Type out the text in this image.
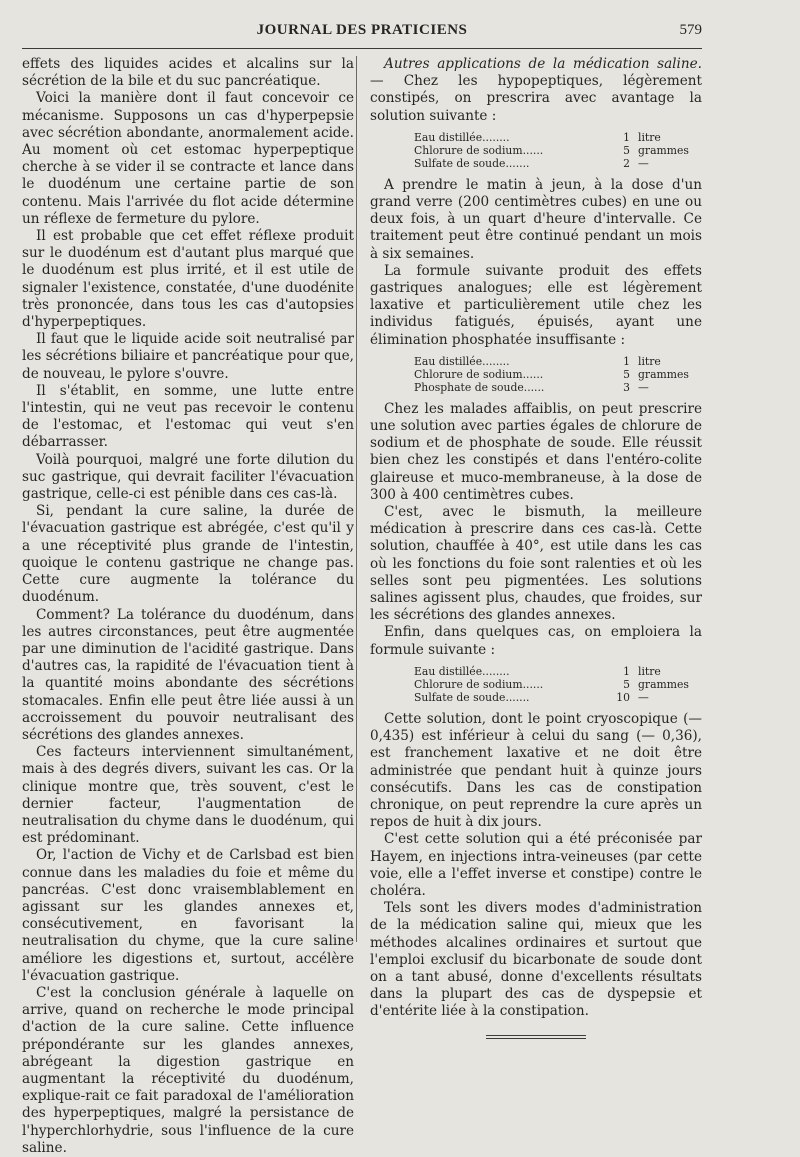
JOURNAL DES PRATICIENS	579

effets des liquides acides et alcalins sur la sécrétion de la bile et du suc pancréatique.

Voici la manière dont il faut concevoir ce mécanisme. Supposons un cas d'hyperpepsie avec sécrétion abondante, anormalement acide. Au moment où cet estomac hyperpeptique cherche à se vider il se contracte et lance dans le duodénum une certaine partie de son contenu. Mais l'arrivée du flot acide détermine un réflexe de fermeture du pylore.

Il est probable que cet effet réflexe produit sur le duodénum est d'autant plus marqué que le duodénum est plus irrité, et il est utile de signaler l'existence, constatée, d'une duodénite très prononcée, dans tous les cas d'autopsies d'hyperpeptiques.

Il faut que le liquide acide soit neutralisé par les sécrétions biliaire et pancréatique pour que, de nouveau, le pylore s'ouvre.

Il s'établit, en somme, une lutte entre l'intestin, qui ne veut pas recevoir le contenu de l'estomac, et l'estomac qui veut s'en débarrasser.

Voilà pourquoi, malgré une forte dilution du suc gastrique, qui devrait faciliter l'évacuation gastrique, celle-ci est pénible dans ces cas-là.

Si, pendant la cure saline, la durée de l'évacuation gastrique est abrégée, c'est qu'il y a une réceptivité plus grande de l'intestin, quoique le contenu gastrique ne change pas. Cette cure augmente la tolérance du duodénum.

Comment? La tolérance du duodénum, dans les autres circonstances, peut être augmentée par une diminution de l'acidité gastrique. Dans d'autres cas, la rapidité de l'évacuation tient à la quantité moins abondante des sécrétions stomacales. Enfin elle peut être liée aussi à un accroissement du pouvoir neutralisant des sécrétions des glandes annexes.

Ces facteurs interviennent simultanément, mais à des degrés divers, suivant les cas. Or la clinique montre que, très souvent, c'est le dernier facteur, l'augmentation de neutralisation du chyme dans le duodénum, qui est prédominant.

Or, l'action de Vichy et de Carlsbad est bien connue dans les maladies du foie et même du pancréas. C'est donc vraisemblablement en agissant sur les glandes annexes et, consécutivement, en favorisant la neutralisation du chyme, que la cure saline améliore les digestions et, surtout, accélère l'évacuation gastrique.

C'est la conclusion générale à laquelle on arrive, quand on recherche le mode principal d'action de la cure saline. Cette influence prépondérante sur les glandes annexes, abrégeant la digestion gastrique en augmentant la réceptivité du duodénum, explique-rait ce fait paradoxal de l'amélioration des hyperpeptiques, malgré la persistance de l'hyperchlorhydrie, sous l'influence de la cure saline.

Autres applications de la médication saline. — Chez les hypopeptiques, légèrement constipés, on prescrira avec avantage la solution suivante :

Eau distillée........	1	litre
Chlorure de sodium......	5	grammes
Sulfate de soude.......	2	—

A prendre le matin à jeun, à la dose d'un grand verre (200 centimètres cubes) en une ou deux fois, à un quart d'heure d'intervalle. Ce traitement peut être continué pendant un mois à six semaines.

La formule suivante produit des effets gastriques analogues; elle est légèrement laxative et particulièrement utile chez les individus fatigués, épuisés, ayant une élimination phosphatée insuffisante :

Eau distillée........	1	litre
Chlorure de sodium......	5	grammes
Phosphate de soude......	3	—

Chez les malades affaiblis, on peut prescrire une solution avec parties égales de chlorure de sodium et de phosphate de soude. Elle réussit bien chez les constipés et dans l'entéro-colite glaireuse et muco-membraneuse, à la dose de 300 à 400 centimètres cubes.

C'est, avec le bismuth, la meilleure médication à prescrire dans ces cas-là. Cette solution, chauffée à 40°, est utile dans les cas où les fonctions du foie sont ralenties et où les selles sont peu pigmentées. Les solutions salines agissent plus, chaudes, que froides, sur les sécrétions des glandes annexes.

Enfin, dans quelques cas, on emploiera la formule suivante :

Eau distillée........	1	litre
Chlorure de sodium......	5	grammes
Sulfate de soude.......	10	—

Cette solution, dont le point cryoscopique (— 0,435) est inférieur à celui du sang (— 0,36), est franchement laxative et ne doit être administrée que pendant huit à quinze jours consécutifs. Dans les cas de constipation chronique, on peut reprendre la cure après un repos de huit à dix jours.

C'est cette solution qui a été préconisée par Hayem, en injections intra-veineuses (par cette voie, elle a l'effet inverse et constipe) contre le choléra.

Tels sont les divers modes d'administration de la médication saline qui, mieux que les méthodes alcalines ordinaires et surtout que l'emploi exclusif du bicarbonate de soude dont on a tant abusé, donne d'excellents résultats dans la plupart des cas de dyspepsie et d'entérite liée à la constipation.
